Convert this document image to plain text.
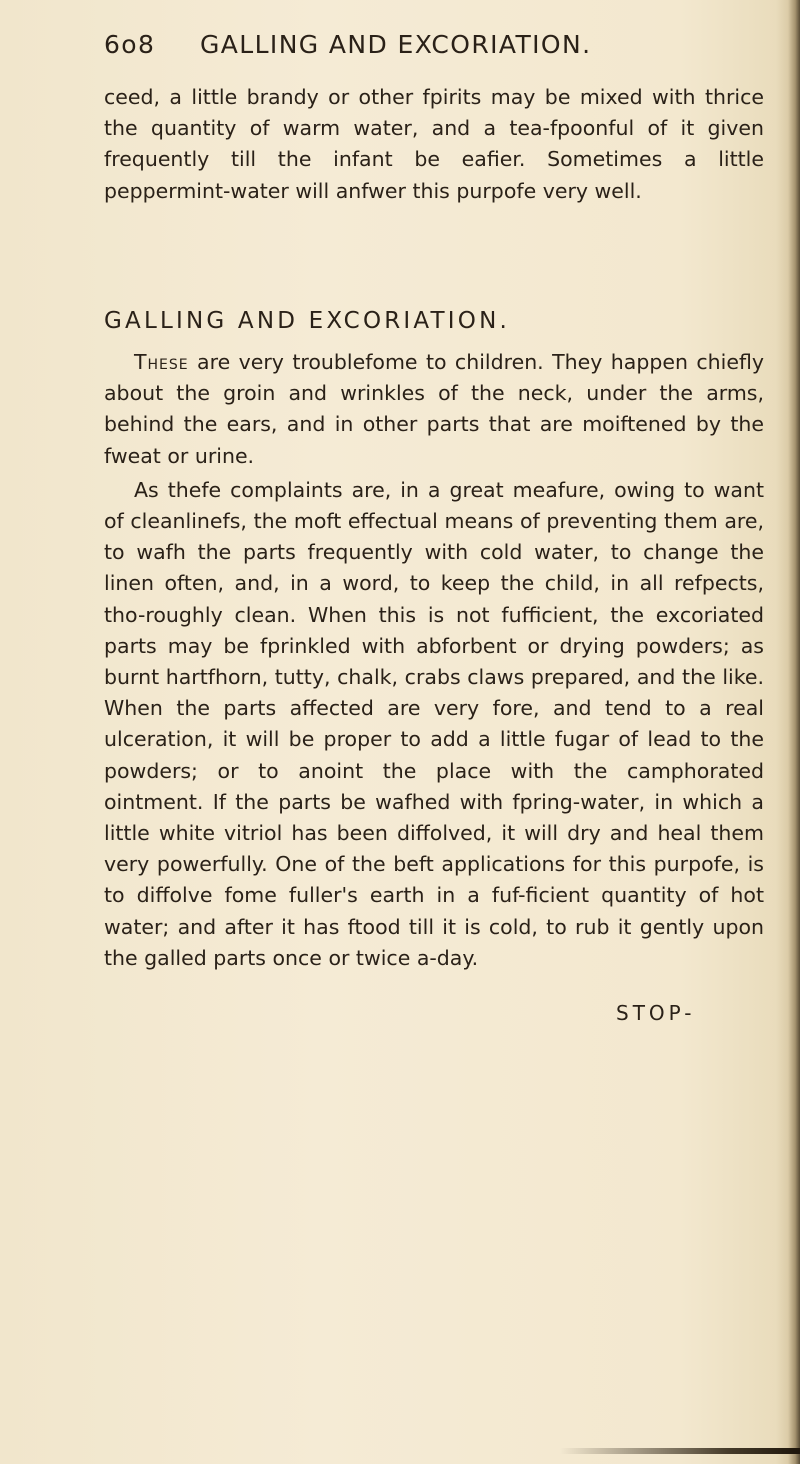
6o8 GALLING AND EXCORIATION.

ceed, a little brandy or other fpirits may be mixed with thrice the quantity of warm water, and a tea-fpoonful of it given frequently till the infant be eafier. Sometimes a little peppermint-water will anfwer this purpofe very well.

GALLING AND EXCORIATION.

These are very troublefome to children. They happen chiefly about the groin and wrinkles of the neck, under the arms, behind the ears, and in other parts that are moiftened by the fweat or urine.

As thefe complaints are, in a great meafure, owing to want of cleanlinefs, the moft effectual means of preventing them are, to wafh the parts frequently with cold water, to change the linen often, and, in a word, to keep the child, in all refpects, tho-roughly clean. When this is not fufficient, the excoriated parts may be fprinkled with abforbent or drying powders; as burnt hartfhorn, tutty, chalk, crabs claws prepared, and the like. When the parts affected are very fore, and tend to a real ulceration, it will be proper to add a little fugar of lead to the powders; or to anoint the place with the camphorated ointment. If the parts be wafhed with fpring-water, in which a little white vitriol has been diffolved, it will dry and heal them very powerfully. One of the beft applications for this purpofe, is to diffolve fome fuller's earth in a fuf-ficient quantity of hot water; and after it has ftood till it is cold, to rub it gently upon the galled parts once or twice a-day.

STOP-
